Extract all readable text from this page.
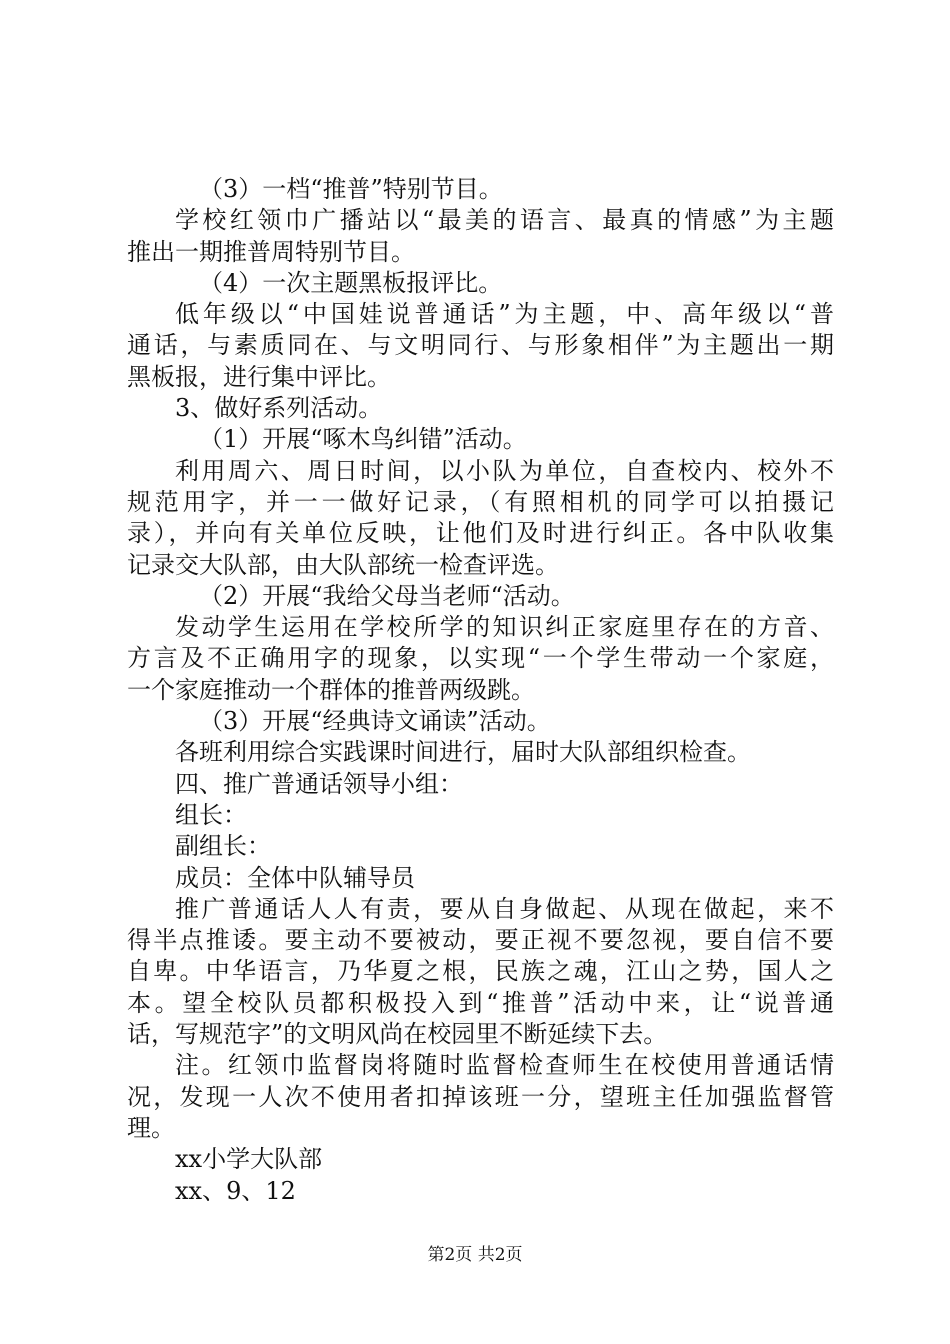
（3）一档“推普”特别节目。
学校红领巾广播站以“最美的语言、最真的情感”为主题
推出一期推普周特别节目。
（4）一次主题黑板报评比。
低年级以“中国娃说普通话”为主题，中、高年级以“普
通话，与素质同在、与文明同行、与形象相伴”为主题出一期
黑板报，进行集中评比。
3、做好系列活动。
（1）开展“啄木鸟纠错”活动。
利用周六、周日时间，以小队为单位，自查校内、校外不
规范用字，并一一做好记录，（有照相机的同学可以拍摄记
录），并向有关单位反映，让他们及时进行纠正。各中队收集
记录交大队部，由大队部统一检查评选。
（2）开展“我给父母当老师“活动。
发动学生运用在学校所学的知识纠正家庭里存在的方音、
方言及不正确用字的现象，以实现“一个学生带动一个家庭，
一个家庭推动一个群体的推普两级跳。
（3）开展“经典诗文诵读”活动。
各班利用综合实践课时间进行，届时大队部组织检查。
四、推广普通话领导小组：
组长：
副组长：
成员：全体中队辅导员
推广普通话人人有责，要从自身做起、从现在做起，来不
得半点推诿。要主动不要被动，要正视不要忽视，要自信不要
自卑。中华语言，乃华夏之根，民族之魂，江山之势，国人之
本。望全校队员都积极投入到“推普”活动中来，让“说普通
话，写规范字”的文明风尚在校园里不断延续下去。
注。红领巾监督岗将随时监督检查师生在校使用普通话情
况，发现一人次不使用者扣掉该班一分，望班主任加强监督管
理。
xx小学大队部
xx、9、12
第2页 共2页
